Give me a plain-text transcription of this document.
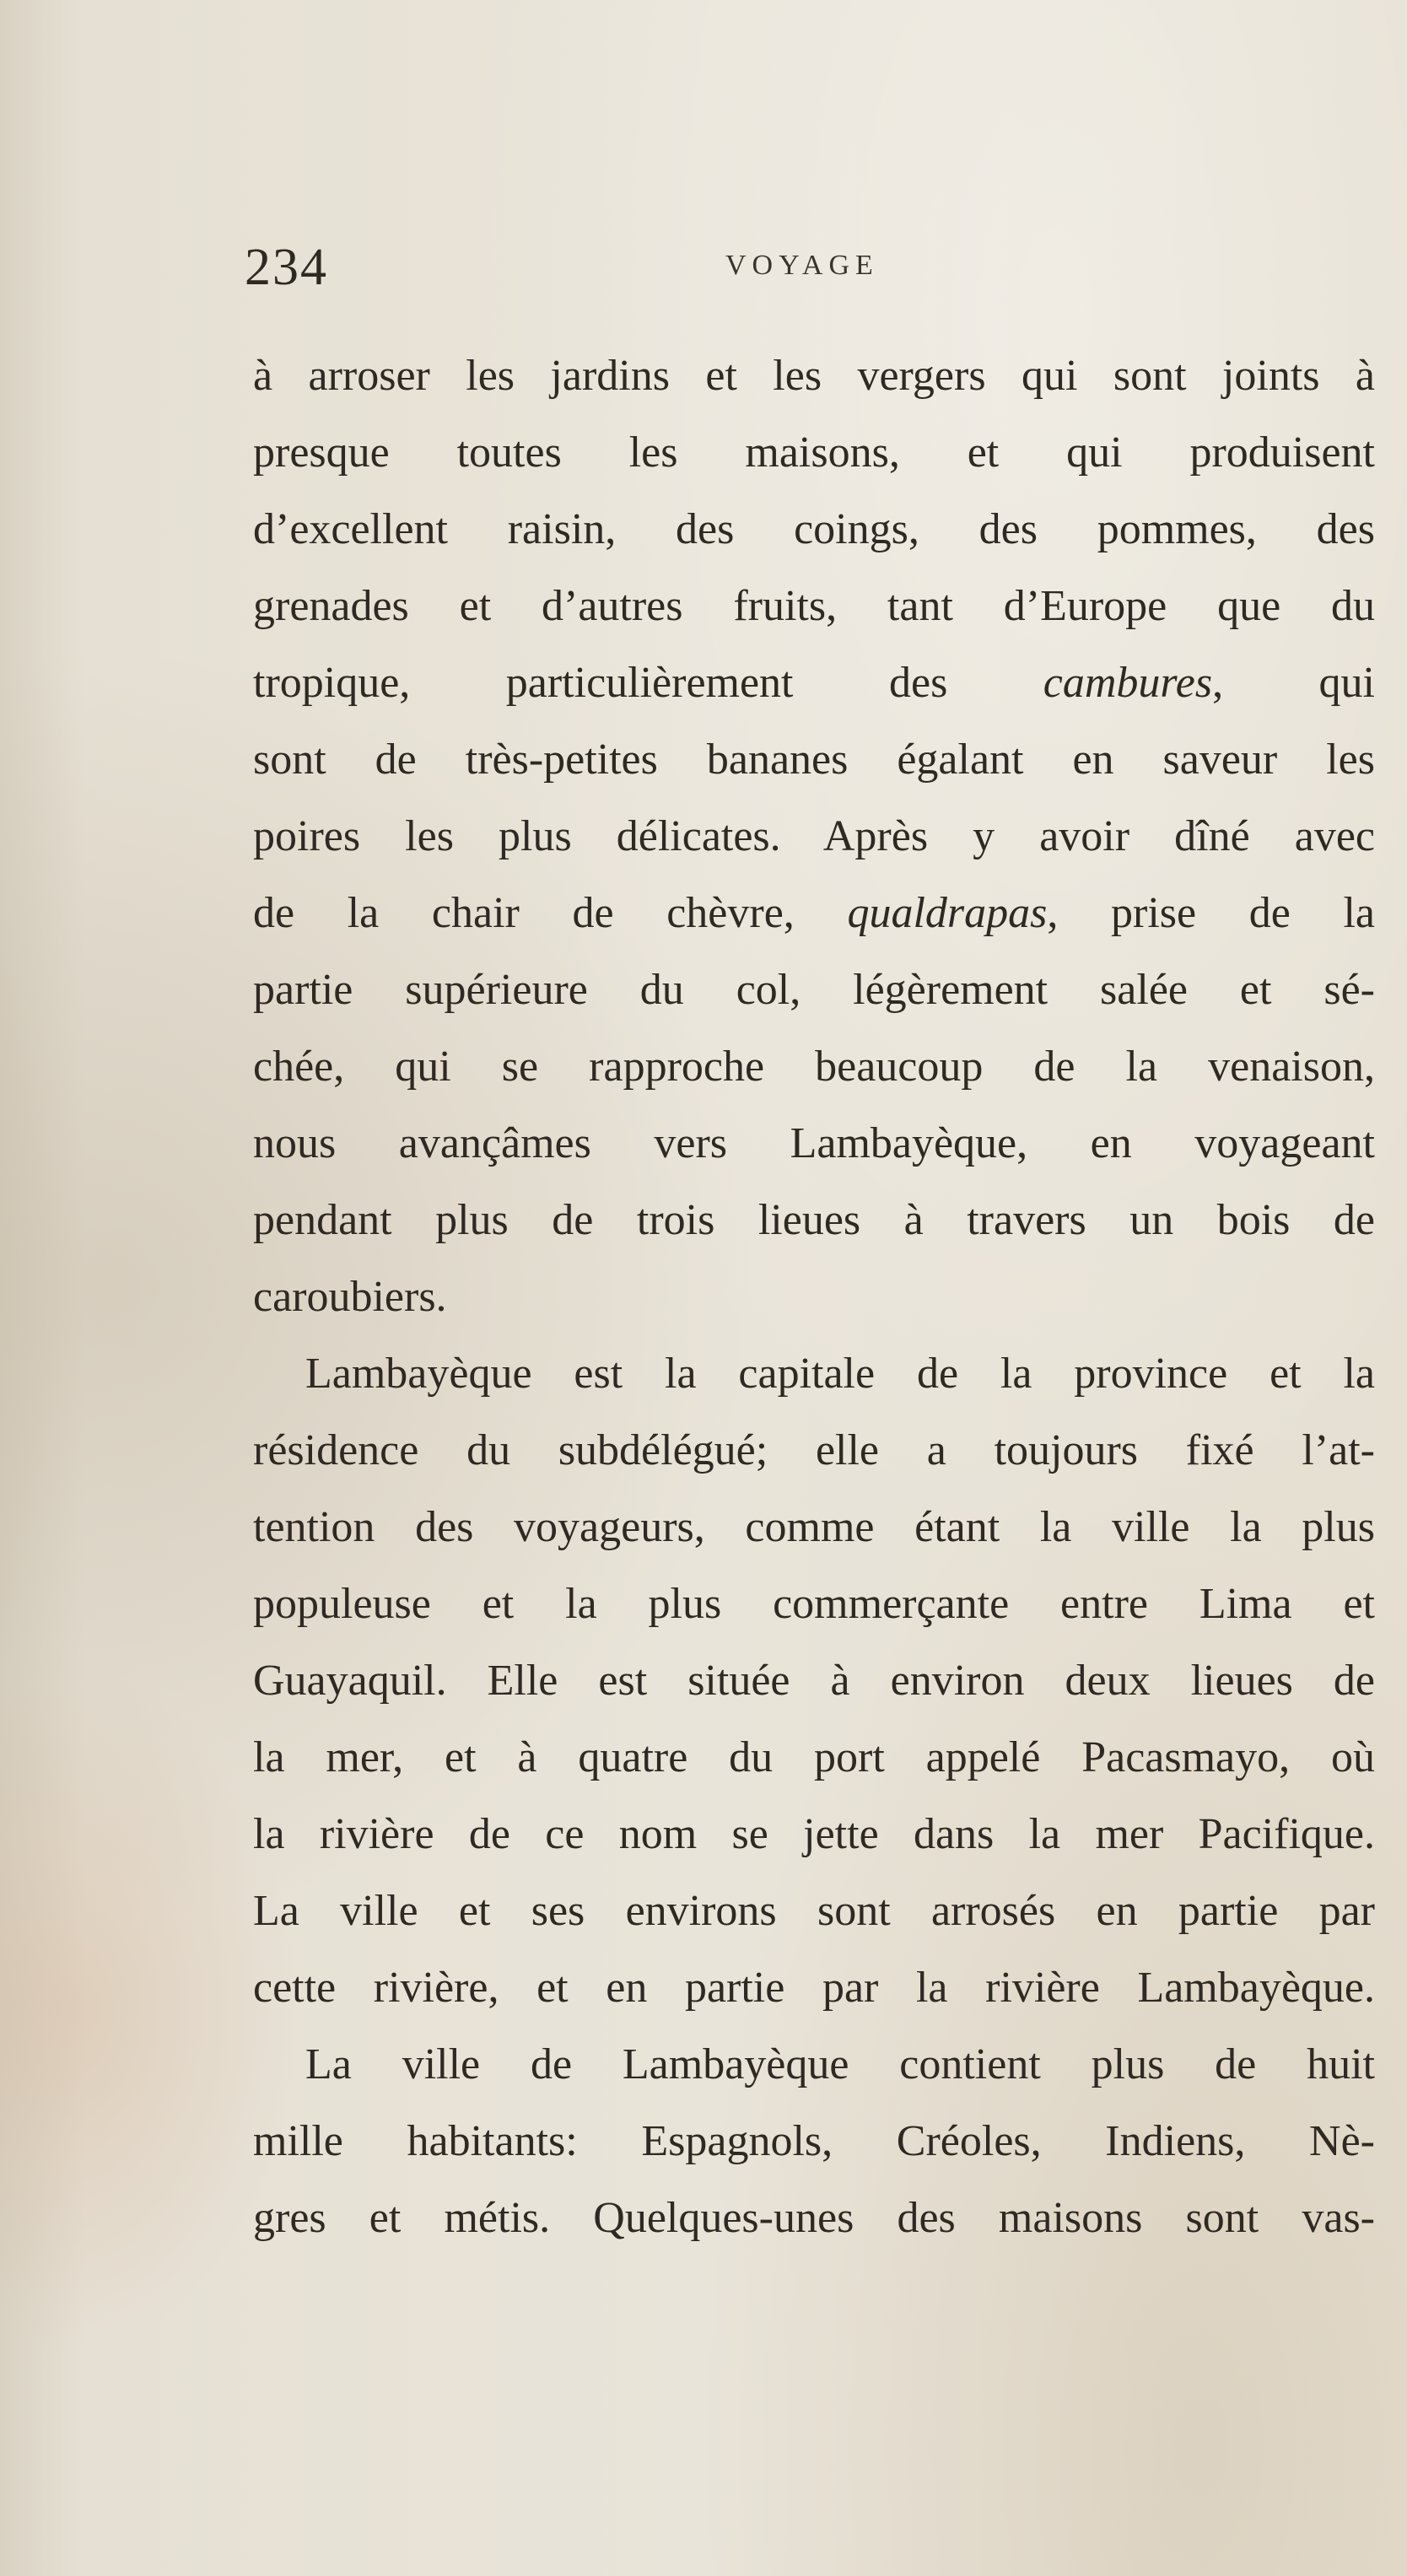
234	VOYAGE
à arroser les jardins et les vergers qui sont joints à
presque toutes les maisons, et qui produisent
d’excellent raisin, des coings, des pommes, des
grenades et d’autres fruits, tant d’Europe que du
tropique, particulièrement des cambures, qui
sont de très-petites bananes égalant en saveur les
poires les plus délicates. Après y avoir dîné avec
de la chair de chèvre, qualdrapas, prise de la
partie supérieure du col, légèrement salée et sé-
chée, qui se rapproche beaucoup de la venaison,
nous avançâmes vers Lambayèque, en voyageant
pendant plus de trois lieues à travers un bois de
caroubiers.
Lambayèque est la capitale de la province et la
résidence du subdélégué; elle a toujours fixé l’at-
tention des voyageurs, comme étant la ville la plus
populeuse et la plus commerçante entre Lima et
Guayaquil. Elle est située à environ deux lieues de
la mer, et à quatre du port appelé Pacasmayo, où
la rivière de ce nom se jette dans la mer Pacifique.
La ville et ses environs sont arrosés en partie par
cette rivière, et en partie par la rivière Lambayèque.
La ville de Lambayèque contient plus de huit
mille habitants: Espagnols, Créoles, Indiens, Nè-
gres et métis. Quelques-unes des maisons sont vas-
